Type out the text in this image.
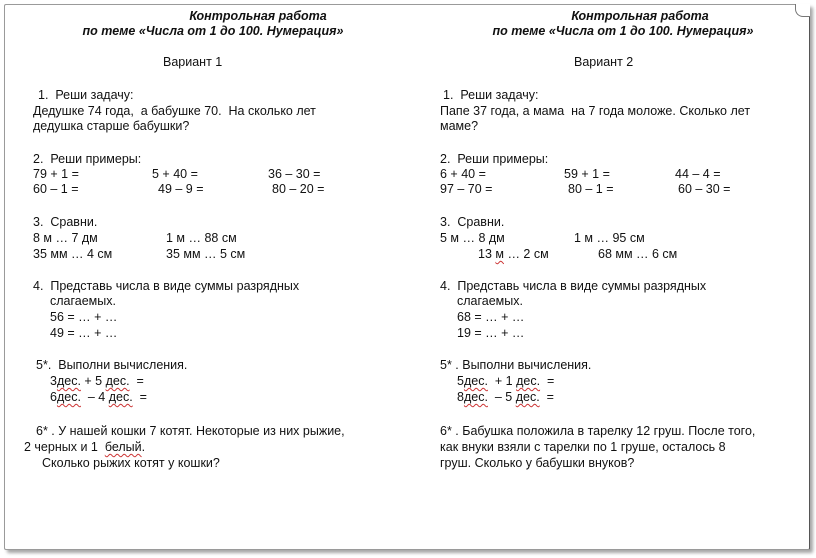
Контрольная работа
по теме «Числа от 1 до 100. Нумерация»
Вариант 1
1.  Реши задачу:
Дедушке 74 года,  а бабушке 70.  На сколько лет
дедушка старше бабушки?
2.  Реши примеры:
79 + 1 =	5 + 40 =	36 – 30 =
60 – 1 =	49 – 9 =	80 – 20 =
3.  Сравни.
8 м … 7 дм	1 м … 88 см
35 мм … 4 см	35 мм … 5 см
4.  Представь числа в виде суммы разрядных
слагаемых.
56 = … + …
49 = … + …
5*.  Выполни вычисления.
3дес. + 5 дес.  =
6дес.  – 4 дес.  =
6* . У нашей кошки 7 котят. Некоторые из них рыжие,
2 черных и 1  белый.
Сколько рыжих котят у кошки?
Контрольная работа
по теме «Числа от 1 до 100. Нумерация»
Вариант 2
1.  Реши задачу:
Папе 37 года, а мама  на 7 года моложе. Сколько лет
маме?
2.  Реши примеры:
6 + 40 =	59 + 1 =	44 – 4 =
97 – 70 =	80 – 1 =	60 – 30 =
3.  Сравни.
5 м … 8 дм	1 м … 95 см
13 м … 2 см	68 мм … 6 см
4.  Представь числа в виде суммы разрядных
слагаемых.
68 = … + …
19 = … + …
5* . Выполни вычисления.
5дес.  + 1 дес.  =
8дес.  – 5 дес.  =
6* . Бабушка положила в тарелку 12 груш. После того,
как внуки взяли с тарелки по 1 груше, осталось 8
груш. Сколько у бабушки внуков?
